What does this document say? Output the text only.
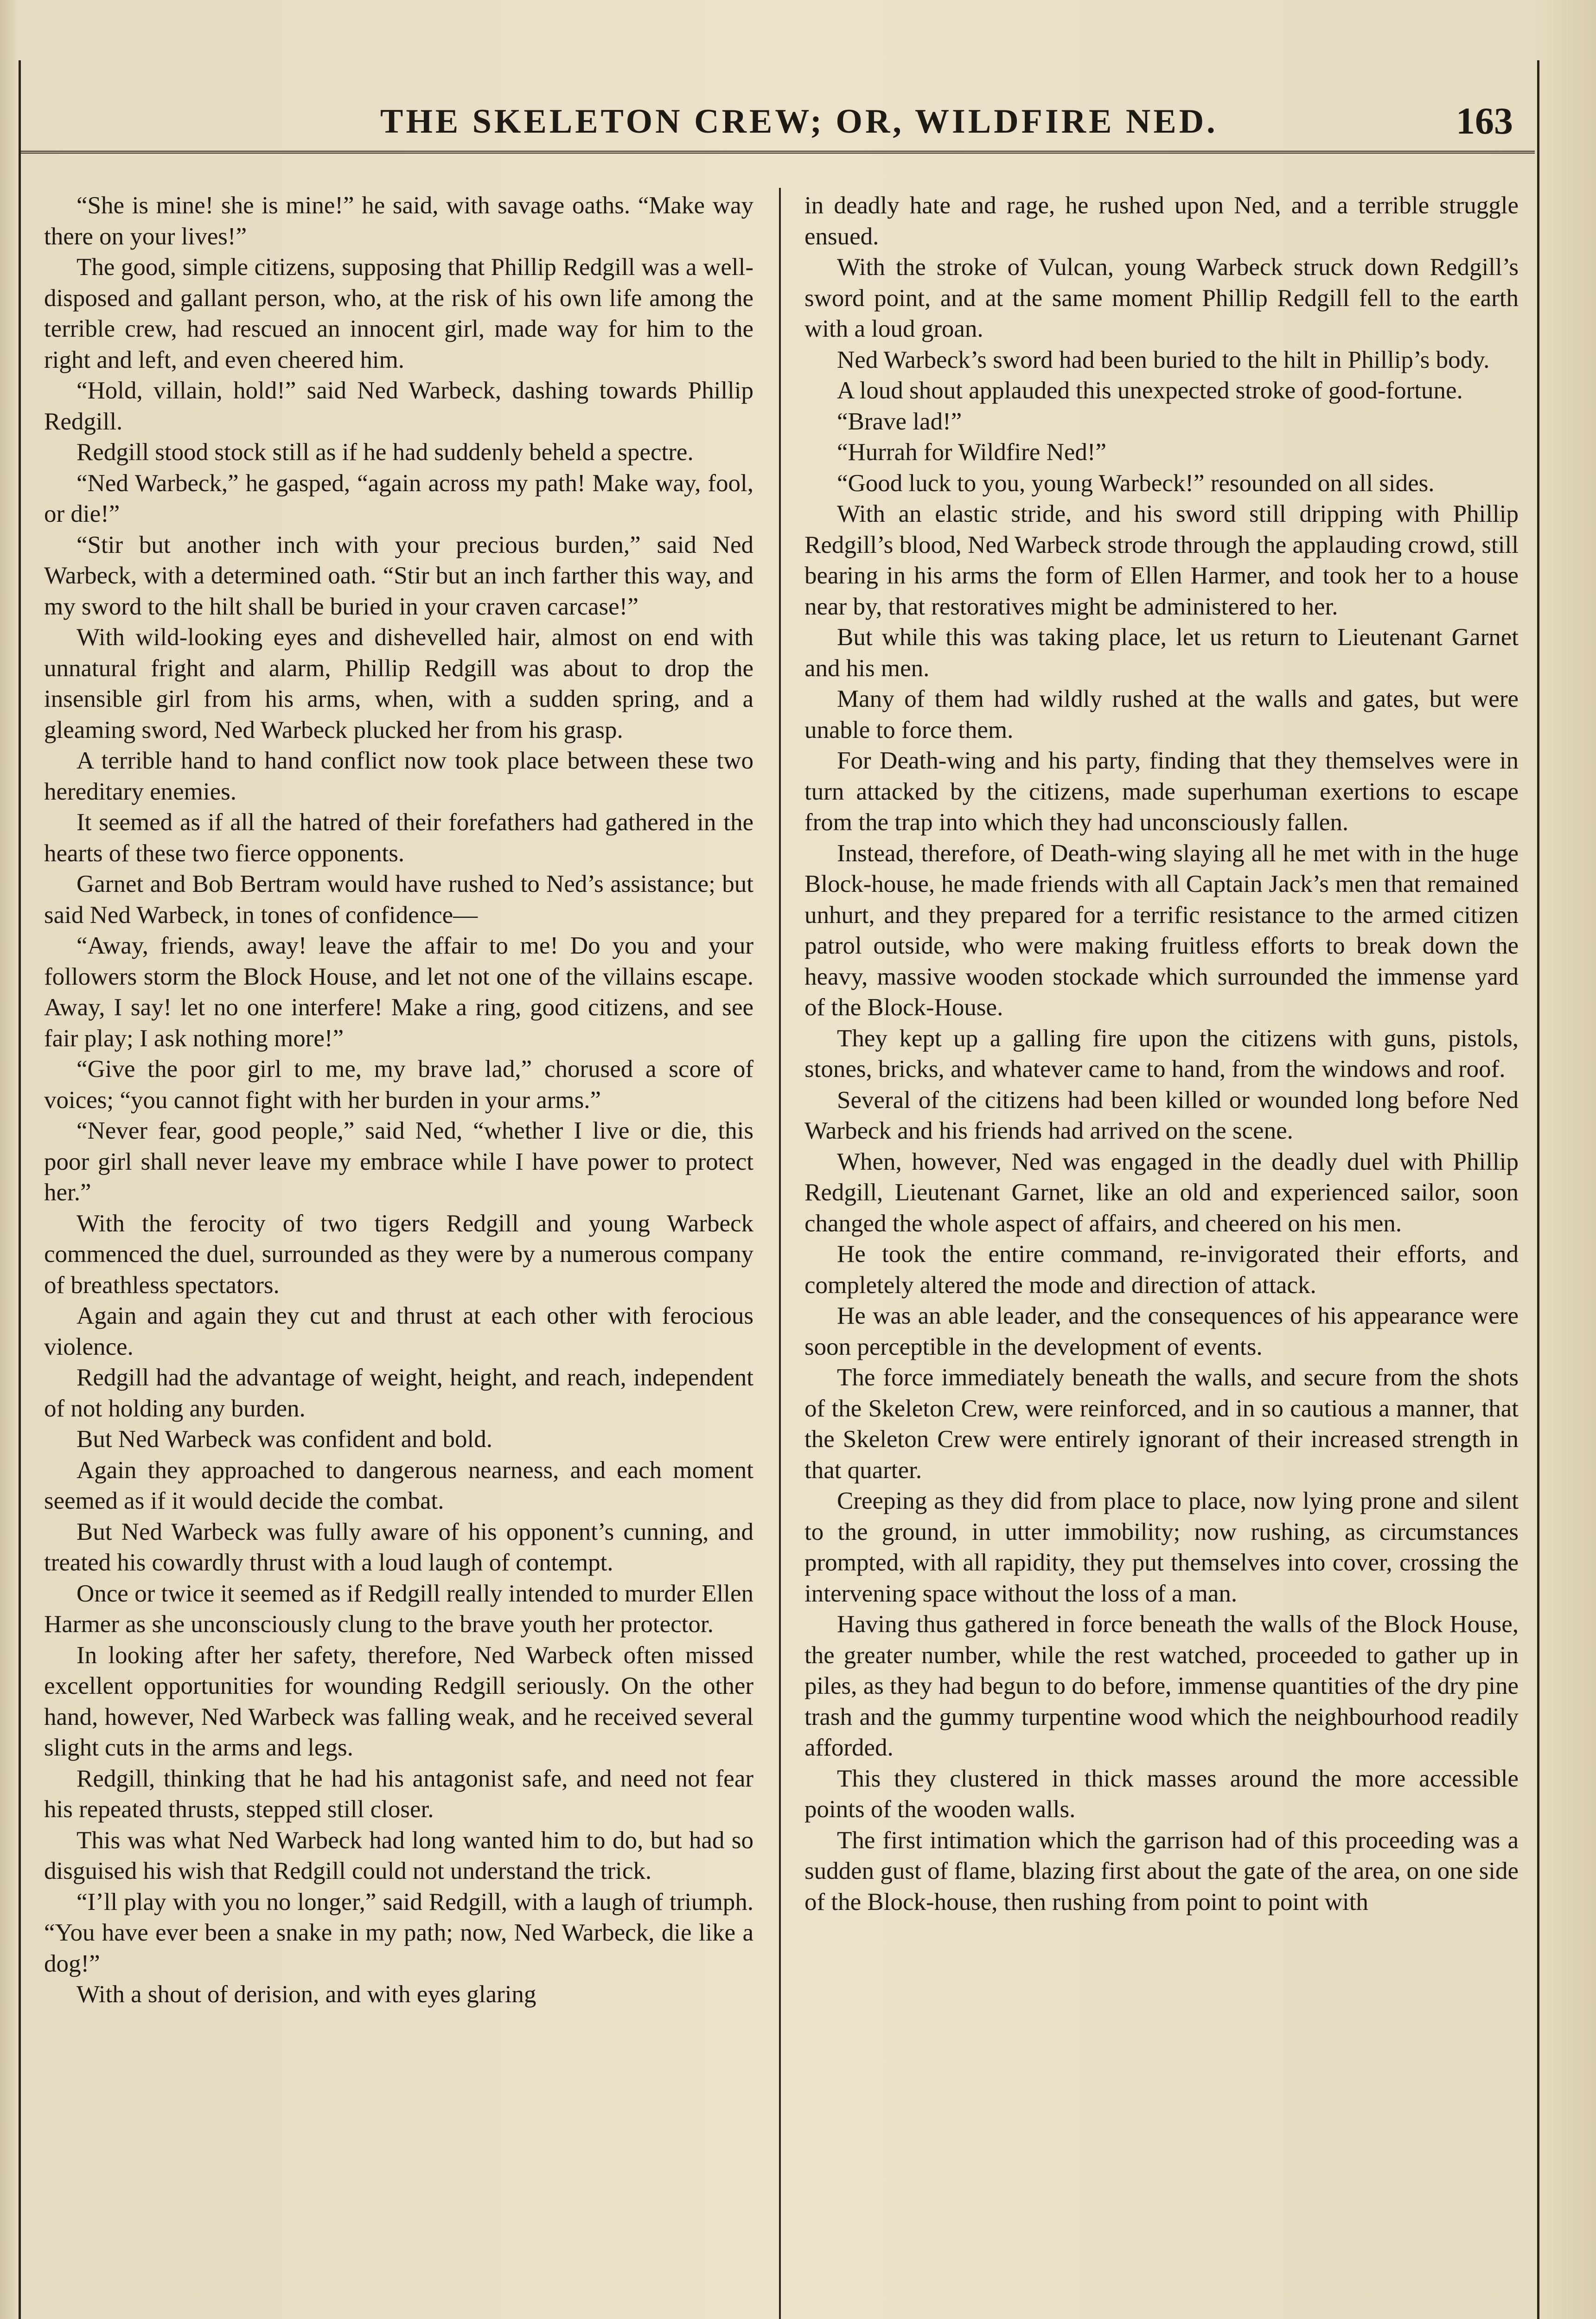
THE SKELETON CREW; OR, WILDFIRE NED.	163

“She is mine! she is mine!” he said, with savage oaths. “Make way there on your lives!”

The good, simple citizens, supposing that Phillip Redgill was a well-disposed and gallant person, who, at the risk of his own life among the terrible crew, had rescued an innocent girl, made way for him to the right and left, and even cheered him.

“Hold, villain, hold!” said Ned Warbeck, dashing towards Phillip Redgill.

Redgill stood stock still as if he had suddenly beheld a spectre.

“Ned Warbeck,” he gasped, “again across my path! Make way, fool, or die!”

“Stir but another inch with your precious burden,” said Ned Warbeck, with a determined oath. “Stir but an inch farther this way, and my sword to the hilt shall be buried in your craven carcase!”

With wild-looking eyes and dishevelled hair, almost on end with unnatural fright and alarm, Phillip Redgill was about to drop the insensible girl from his arms, when, with a sudden spring, and a gleaming sword, Ned Warbeck plucked her from his grasp.

A terrible hand to hand conflict now took place between these two hereditary enemies.

It seemed as if all the hatred of their forefathers had gathered in the hearts of these two fierce opponents.

Garnet and Bob Bertram would have rushed to Ned’s assistance; but said Ned Warbeck, in tones of confidence—

“Away, friends, away! leave the affair to me! Do you and your followers storm the Block House, and let not one of the villains escape. Away, I say! let no one interfere! Make a ring, good citizens, and see fair play; I ask nothing more!”

“Give the poor girl to me, my brave lad,” chorused a score of voices; “you cannot fight with her burden in your arms.”

“Never fear, good people,” said Ned, “whether I live or die, this poor girl shall never leave my embrace while I have power to protect her.”

With the ferocity of two tigers Redgill and young Warbeck commenced the duel, surrounded as they were by a numerous company of breathless spectators.

Again and again they cut and thrust at each other with ferocious violence.

Redgill had the advantage of weight, height, and reach, independent of not holding any burden.

But Ned Warbeck was confident and bold.

Again they approached to dangerous nearness, and each moment seemed as if it would decide the combat.

But Ned Warbeck was fully aware of his opponent’s cunning, and treated his cowardly thrust with a loud laugh of contempt.

Once or twice it seemed as if Redgill really intended to murder Ellen Harmer as she unconsciously clung to the brave youth her protector.

In looking after her safety, therefore, Ned Warbeck often missed excellent opportunities for wounding Redgill seriously. On the other hand, however, Ned Warbeck was falling weak, and he received several slight cuts in the arms and legs.

Redgill, thinking that he had his antagonist safe, and need not fear his repeated thrusts, stepped still closer.

This was what Ned Warbeck had long wanted him to do, but had so disguised his wish that Redgill could not understand the trick.

“I’ll play with you no longer,” said Redgill, with a laugh of triumph. “You have ever been a snake in my path; now, Ned Warbeck, die like a dog!”

With a shout of derision, and with eyes glaring

in deadly hate and rage, he rushed upon Ned, and a terrible struggle ensued.

With the stroke of Vulcan, young Warbeck struck down Redgill’s sword point, and at the same moment Phillip Redgill fell to the earth with a loud groan.

Ned Warbeck’s sword had been buried to the hilt in Phillip’s body.

A loud shout applauded this unexpected stroke of good-fortune.

“Brave lad!”

“Hurrah for Wildfire Ned!”

“Good luck to you, young Warbeck!” resounded on all sides.

With an elastic stride, and his sword still dripping with Phillip Redgill’s blood, Ned Warbeck strode through the applauding crowd, still bearing in his arms the form of Ellen Harmer, and took her to a house near by, that restoratives might be administered to her.

But while this was taking place, let us return to Lieutenant Garnet and his men.

Many of them had wildly rushed at the walls and gates, but were unable to force them.

For Death-wing and his party, finding that they themselves were in turn attacked by the citizens, made superhuman exertions to escape from the trap into which they had unconsciously fallen.

Instead, therefore, of Death-wing slaying all he met with in the huge Block-house, he made friends with all Captain Jack’s men that remained unhurt, and they prepared for a terrific resistance to the armed citizen patrol outside, who were making fruitless efforts to break down the heavy, massive wooden stockade which surrounded the immense yard of the Block-House.

They kept up a galling fire upon the citizens with guns, pistols, stones, bricks, and whatever came to hand, from the windows and roof.

Several of the citizens had been killed or wounded long before Ned Warbeck and his friends had arrived on the scene.

When, however, Ned was engaged in the deadly duel with Phillip Redgill, Lieutenant Garnet, like an old and experienced sailor, soon changed the whole aspect of affairs, and cheered on his men.

He took the entire command, re-invigorated their efforts, and completely altered the mode and direction of attack.

He was an able leader, and the consequences of his appearance were soon perceptible in the development of events.

The force immediately beneath the walls, and secure from the shots of the Skeleton Crew, were reinforced, and in so cautious a manner, that the Skeleton Crew were entirely ignorant of their increased strength in that quarter.

Creeping as they did from place to place, now lying prone and silent to the ground, in utter immobility; now rushing, as circumstances prompted, with all rapidity, they put themselves into cover, crossing the intervening space without the loss of a man.

Having thus gathered in force beneath the walls of the Block House, the greater number, while the rest watched, proceeded to gather up in piles, as they had begun to do before, immense quantities of the dry pine trash and the gummy turpentine wood which the neighbourhood readily afforded.

This they clustered in thick masses around the more accessible points of the wooden walls.

The first intimation which the garrison had of this proceeding was a sudden gust of flame, blazing first about the gate of the area, on one side of the Block-house, then rushing from point to point with
